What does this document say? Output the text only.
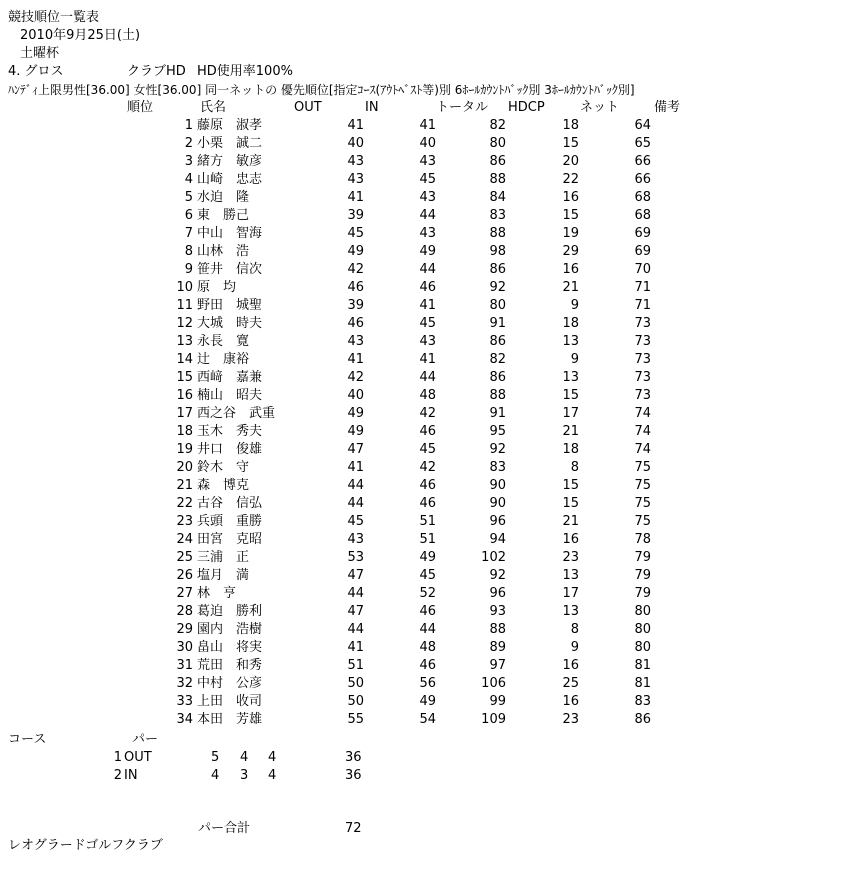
競技順位一覧表
2010年9月25日(土)
土曜杯
4. グロス	クラブHD HD使用率100%
ﾊﾝﾃﾞｨ上限男性[36.00] 女性[36.00] 同一ネットの 優先順位[指定ｺｰｽ(ｱｳﾄﾍﾞｽﾄ等)別 6ﾎｰﾙｶｳﾝﾄﾊﾞｯｸ別 3ﾎｰﾙｶｳﾝﾄﾊﾞｯｸ別]
順位	氏名	OUT	IN	トータル HDCP	ネット	備考
1 藤原　淑孝	41	41	82	18	64
2 小栗　誠二	40	40	80	15	65
3 緒方　敏彦	43	43	86	20	66
4 山崎　忠志	43	45	88	22	66
5 水迫　隆	41	43	84	16	68
6 東　勝己	39	44	83	15	68
7 中山　智海	45	43	88	19	69
8 山林　浩	49	49	98	29	69
9 笹井　信次	42	44	86	16	70
10 原　均	46	46	92	21	71
11 野田　城聖	39	41	80	9	71
12 大城　時夫	46	45	91	18	73
13 永長　寛	43	43	86	13	73
14 辻　康裕	41	41	82	9	73
15 西﨑　嘉兼	42	44	86	13	73
16 楠山　昭夫	40	48	88	15	73
17 西之谷　武重	49	42	91	17	74
18 玉木　秀夫	49	46	95	21	74
19 井口　俊雄	47	45	92	18	74
20 鈴木　守	41	42	83	8	75
21 森　博克	44	46	90	15	75
22 古谷　信弘	44	46	90	15	75
23 兵頭　重勝	45	51	96	21	75
24 田宮　克昭	43	51	94	16	78
25 三浦　正	53	49	102	23	79
26 塩月　満	47	45	92	13	79
27 林　亨	44	52	96	17	79
28 葛迫　勝利	47	46	93	13	80
29 園内　浩樹	44	44	88	8	80
30 畠山　将実	41	48	89	9	80
31 荒田　和秀	51	46	97	16	81
32 中村　公彦	50	56	106	25	81
33 上田　收司	50	49	99	16	83
34 本田　芳雄	55	54	109	23	86
コース	パー
1 OUT	5 4 4	36
2 IN	4 3 4	36
パー合計	72
レオグラードゴルフクラブ
